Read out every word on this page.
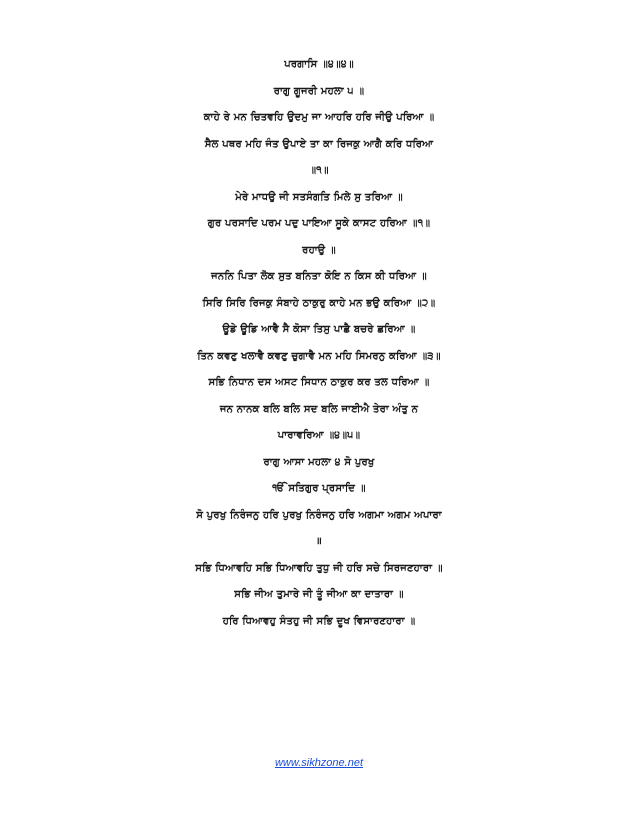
ਪਰਗਾਸਿ ॥੪॥੪॥
ਰਾਗੁ ਗੂਜਰੀ ਮਹਲਾ ੫ ॥
ਕਾਹੇ ਰੇ ਮਨ ਚਿਤਵਹਿ ਉਦਮੁ ਜਾ ਆਹਰਿ ਹਰਿ ਜੀਉ ਪਰਿਆ ॥
ਸੈਲ ਪਥਰ ਮਹਿ ਜੰਤ ਉਪਾਏ ਤਾ ਕਾ ਰਿਜਕੁ ਆਗੈ ਕਰਿ ਧਰਿਆ
॥੧॥
ਮੇਰੇ ਮਾਧਉ ਜੀ ਸਤਸੰਗਤਿ ਮਿਲੇ ਸੁ ਤਰਿਆ ॥
ਗੁਰ ਪਰਸਾਦਿ ਪਰਮ ਪਦੁ ਪਾਇਆ ਸੂਕੇ ਕਾਸਟ ਹਰਿਆ ॥੧॥
ਰਹਾਉ ॥
ਜਨਨਿ ਪਿਤਾ ਲੋਕ ਸੁਤ ਬਨਿਤਾ ਕੋਇ ਨ ਕਿਸ ਕੀ ਧਰਿਆ ॥
ਸਿਰਿ ਸਿਰਿ ਰਿਜਕੁ ਸੰਬਾਹੇ ਠਾਕੁਰੁ ਕਾਹੇ ਮਨ ਭਉ ਕਰਿਆ ॥੨॥
ਊਡੇ ਊਡਿ ਆਵੈ ਸੈ ਕੋਸਾ ਤਿਸੁ ਪਾਛੈ ਬਚਰੇ ਛਰਿਆ ॥
ਤਿਨ ਕਵਣੁ ਖਲਾਵੈ ਕਵਣੁ ਚੁਗਾਵੈ ਮਨ ਮਹਿ ਸਿਮਰਨੁ ਕਰਿਆ ॥੩॥
ਸਭਿ ਨਿਧਾਨ ਦਸ ਅਸਟ ਸਿਧਾਨ ਠਾਕੁਰ ਕਰ ਤਲ ਧਰਿਆ ॥
ਜਨ ਨਾਨਕ ਬਲਿ ਬਲਿ ਸਦ ਬਲਿ ਜਾਈਐ ਤੇਰਾ ਅੰਤੁ ਨ
ਪਾਰਾਵਰਿਆ ॥੪॥੫॥
ਰਾਗੁ ਆਸਾ ਮਹਲਾ ੪ ਸੋ ਪੁਰਖੁ
ੴ ਸਤਿਗੁਰ ਪ੍ਰਸਾਦਿ ॥
ਸੋ ਪੁਰਖੁ ਨਿਰੰਜਨੁ ਹਰਿ ਪੁਰਖੁ ਨਿਰੰਜਨੁ ਹਰਿ ਅਗਮਾ ਅਗਮ ਅਪਾਰਾ
॥
ਸਭਿ ਧਿਆਵਹਿ ਸਭਿ ਧਿਆਵਹਿ ਤੁਧੁ ਜੀ ਹਰਿ ਸਚੇ ਸਿਰਜਣਹਾਰਾ ॥
ਸਭਿ ਜੀਅ ਤੁਮਾਰੇ ਜੀ ਤੂੰ ਜੀਆ ਕਾ ਦਾਤਾਰਾ ॥
ਹਰਿ ਧਿਆਵਹੁ ਸੰਤਹੁ ਜੀ ਸਭਿ ਦੂਖ ਵਿਸਾਰਣਹਾਰਾ ॥
www.sikhzone.net
